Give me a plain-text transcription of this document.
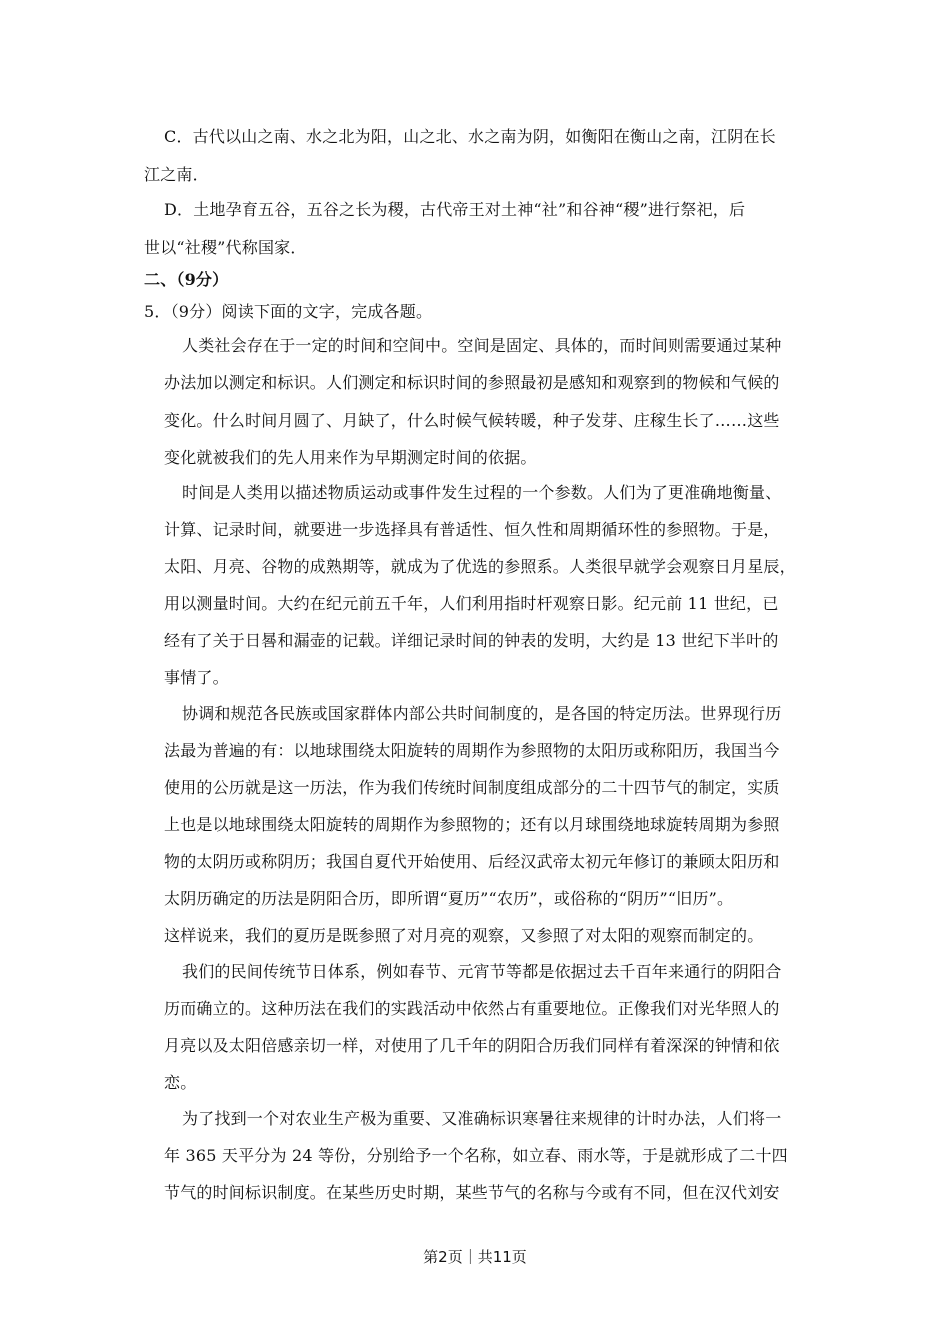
C．古代以山之南、水之北为阳，山之北、水之南为阴，如衡阳在衡山之南，江阴在长
江之南．
D．土地孕育五谷，五谷之长为稷，古代帝王对土神“社”和谷神“稷”进行祭祀，后
世以“社稷”代称国家．
二、（9分）
5．（9分）阅读下面的文字，完成各题。
人类社会存在于一定的时间和空间中。空间是固定、具体的，而时间则需要通过某种
办法加以测定和标识。人们测定和标识时间的参照最初是感知和观察到的物候和气候的
变化。什么时间月圆了、月缺了，什么时候气候转暖，种子发芽、庄稼生长了……这些
变化就被我们的先人用来作为早期测定时间的依据。
时间是人类用以描述物质运动或事件发生过程的一个参数。人们为了更准确地衡量、
计算、记录时间，就要进一步选择具有普适性、恒久性和周期循环性的参照物。于是，
太阳、月亮、谷物的成熟期等，就成为了优选的参照系。人类很早就学会观察日月星辰，
用以测量时间。大约在纪元前五千年，人们利用指时杆观察日影。纪元前 11 世纪，已
经有了关于日晷和漏壶的记载。详细记录时间的钟表的发明，大约是 13 世纪下半叶的
事情了。
协调和规范各民族或国家群体内部公共时间制度的，是各国的特定历法。世界现行历
法最为普遍的有：以地球围绕太阳旋转的周期作为参照物的太阳历或称阳历，我国当今
使用的公历就是这一历法，作为我们传统时间制度组成部分的二十四节气的制定，实质
上也是以地球围绕太阳旋转的周期作为参照物的；还有以月球围绕地球旋转周期为参照
物的太阴历或称阴历；我国自夏代开始使用、后经汉武帝太初元年修订的兼顾太阳历和
太阴历确定的历法是阴阳合历，即所谓“夏历”“农历”，或俗称的“阴历”“旧历”。
这样说来，我们的夏历是既参照了对月亮的观察，又参照了对太阳的观察而制定的。
我们的民间传统节日体系，例如春节、元宵节等都是依据过去千百年来通行的阴阳合
历而确立的。这种历法在我们的实践活动中依然占有重要地位。正像我们对光华照人的
月亮以及太阳倍感亲切一样，对使用了几千年的阴阳合历我们同样有着深深的钟情和依
恋。
为了找到一个对农业生产极为重要、又准确标识寒暑往来规律的计时办法，人们将一
年 365 天平分为 24 等份，分别给予一个名称，如立春、雨水等，于是就形成了二十四
节气的时间标识制度。在某些历史时期，某些节气的名称与今或有不同，但在汉代刘安
第2页｜共11页
